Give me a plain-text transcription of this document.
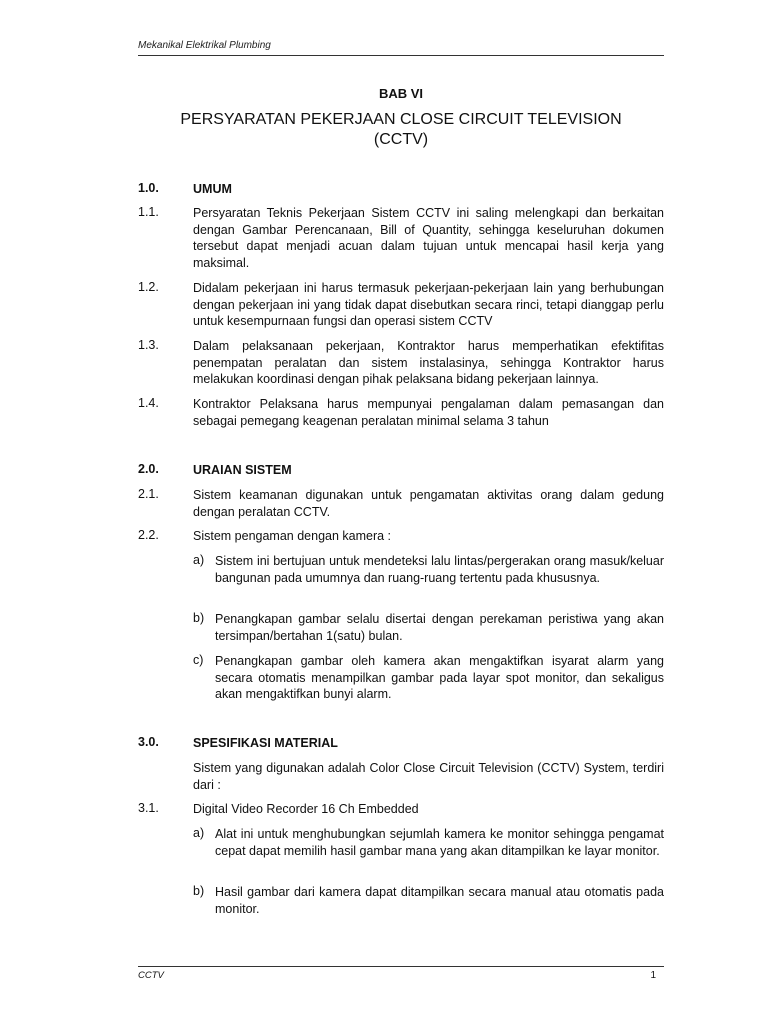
Mekanikal Elektrikal Plumbing
BAB VI
PERSYARATAN PEKERJAAN CLOSE CIRCUIT TELEVISION
(CCTV)
1.0.	UMUM
1.1.	Persyaratan Teknis Pekerjaan Sistem CCTV ini saling melengkapi dan berkaitan dengan Gambar Perencanaan, Bill of Quantity, sehingga keseluruhan dokumen tersebut dapat menjadi acuan dalam tujuan untuk mencapai hasil kerja yang maksimal.
1.2.	Didalam pekerjaan ini harus termasuk pekerjaan-pekerjaan lain yang berhubungan dengan pekerjaan ini yang tidak dapat disebutkan secara rinci, tetapi dianggap perlu untuk kesempurnaan fungsi dan operasi sistem CCTV
1.3.	Dalam pelaksanaan pekerjaan, Kontraktor harus memperhatikan efektifitas penempatan peralatan dan sistem instalasinya, sehingga Kontraktor harus melakukan koordinasi dengan pihak pelaksana bidang pekerjaan lainnya.
1.4.	Kontraktor Pelaksana harus mempunyai pengalaman dalam pemasangan dan sebagai pemegang keagenan peralatan minimal selama 3 tahun
2.0.	URAIAN SISTEM
2.1.	Sistem keamanan digunakan untuk pengamatan aktivitas orang dalam gedung dengan peralatan CCTV.
2.2.	Sistem pengaman dengan kamera :
a) Sistem ini bertujuan untuk mendeteksi lalu lintas/pergerakan orang masuk/keluar bangunan pada umumnya dan ruang-ruang tertentu pada khususnya.
b) Penangkapan gambar selalu disertai dengan perekaman peristiwa yang akan tersimpan/bertahan 1(satu) bulan.
c) Penangkapan gambar oleh kamera akan mengaktifkan isyarat alarm yang secara otomatis menampilkan gambar pada layar spot monitor, dan sekaligus akan mengaktifkan bunyi alarm.
3.0.	SPESIFIKASI MATERIAL
Sistem yang digunakan adalah Color Close Circuit Television (CCTV) System, terdiri dari :
3.1.	Digital Video Recorder 16 Ch Embedded
a) Alat ini untuk menghubungkan sejumlah kamera ke monitor sehingga pengamat cepat dapat memilih hasil gambar mana yang akan ditampilkan ke layar monitor.
b) Hasil gambar dari kamera dapat ditampilkan secara manual atau otomatis pada monitor.
CCTV	1
